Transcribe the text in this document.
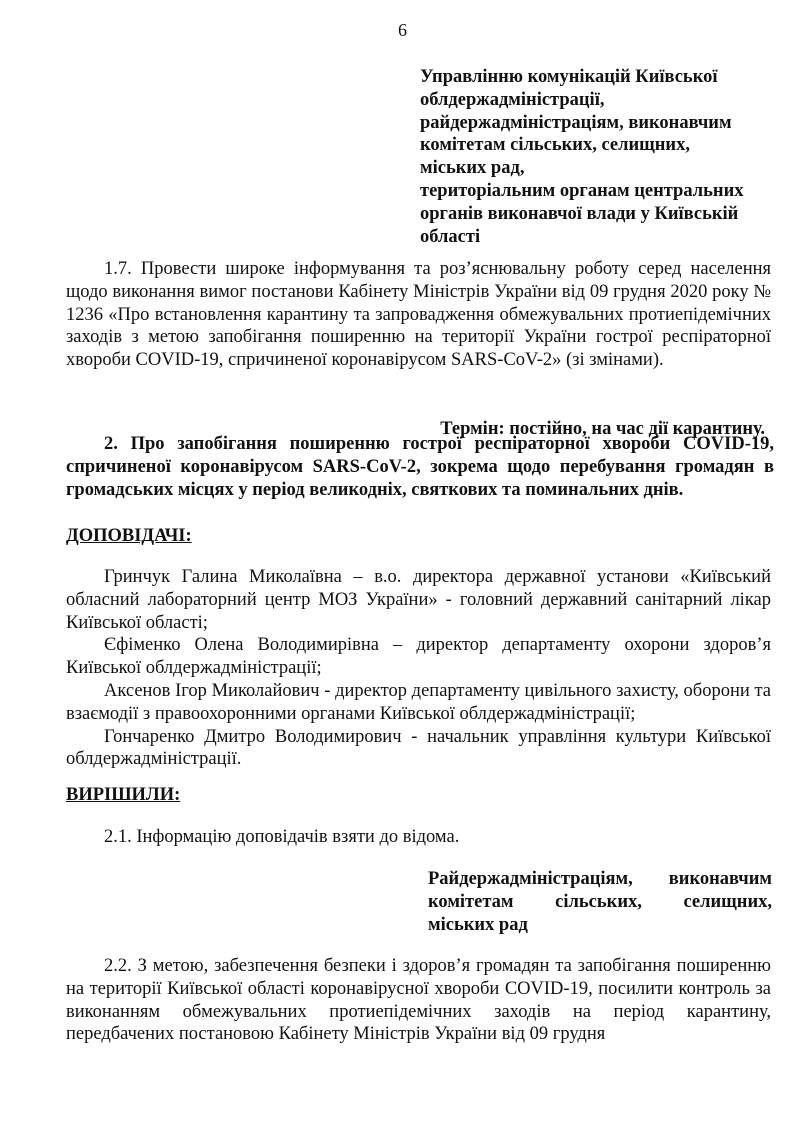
6
Управлінню комунікацій Київської
облдержадміністрації,
райдержадміністраціям, виконавчим
комітетам сільських, селищних,
міських рад,
територіальним органам центральних
органів виконавчої влади у Київській
області
1.7. Провести широке інформування та роз’яснювальну роботу серед населення щодо виконання вимог постанови Кабінету Міністрів України від 09 грудня 2020 року № 1236 «Про встановлення карантину та запровадження обмежувальних протиепідемічних заходів з метою запобігання поширенню на території України гострої респіраторної хвороби COVID-19, спричиненої коронавірусом SARS-CoV-2» (зі змінами).
Термін: постійно, на час дії карантину.
2. Про запобігання поширенню гострої респіраторної хвороби COVID-19, спричиненої коронавірусом SARS-CoV-2, зокрема щодо перебування громадян в громадських місцях у період великодніх, святкових та поминальних днів.
ДОПОВІДАЧІ:
Гринчук Галина Миколаївна – в.о. директора державної установи «Київський обласний лабораторний центр МОЗ України» - головний державний санітарний лікар Київської області;
Єфіменко Олена Володимирівна – директор департаменту охорони здоров’я Київської облдержадміністрації;
Аксенов Ігор Миколайович - директор департаменту цивільного захисту, оборони та взаємодії з правоохоронними органами Київської облдержадміністрації;
Гончаренко Дмитро Володимирович - начальник управління культури Київської облдержадміністрації.
ВИРІШИЛИ:
2.1. Інформацію доповідачів взяти до відома.
Райдержадміністраціям, виконавчим
комітетам сільських, селищних,
міських рад
2.2. З метою, забезпечення безпеки і здоров’я громадян та запобігання поширенню на території Київської області коронавірусної хвороби COVID-19, посилити контроль за виконанням обмежувальних протиепідемічних заходів на період карантину, передбачених постановою Кабінету Міністрів України від 09 грудня
